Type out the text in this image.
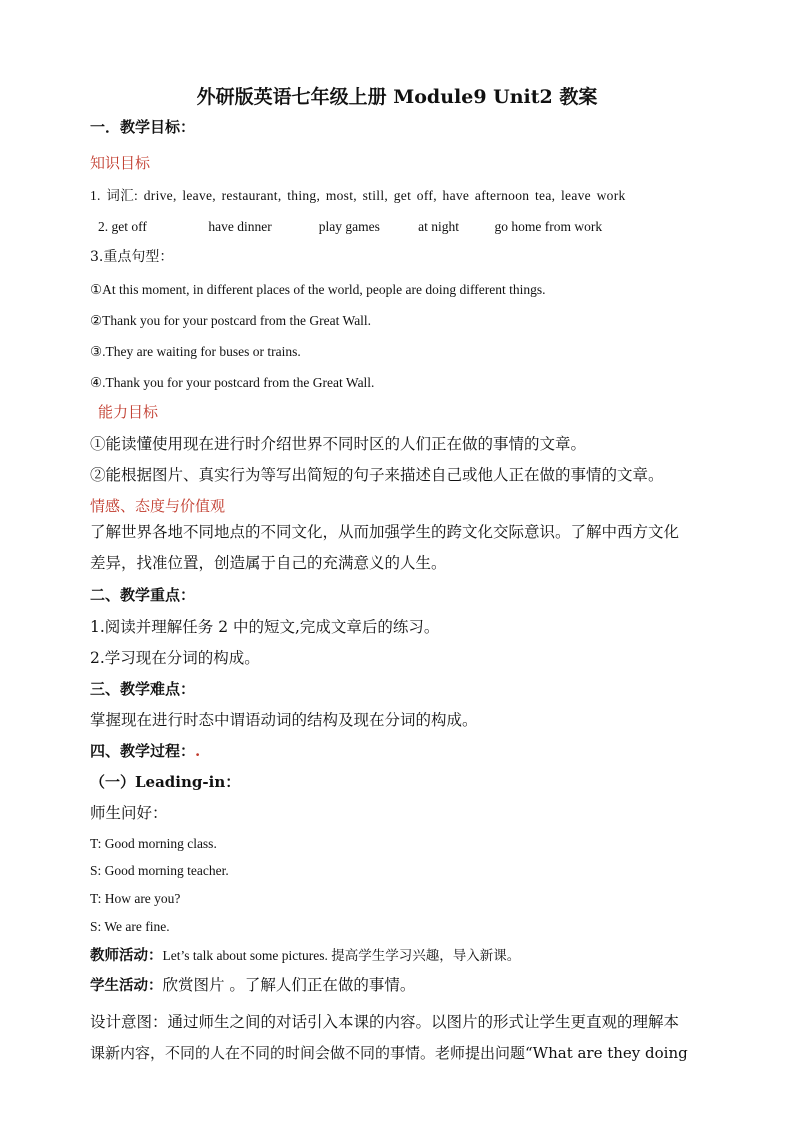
外研版英语七年级上册 Module9 Unit2 教案
一．教学目标：
知识目标
1. 词汇: drive, leave, restaurant, thing, most, still, get off, have afternoon tea, leave work
2. get off	have dinner	play games	at night	go home from work
3.重点句型：
①At this moment, in different places of the world, people are doing different things.
②Thank you for your postcard from the Great Wall.
③.They are waiting for buses or trains.
④.Thank you for your postcard from the Great Wall.
能力目标
①能读懂使用现在进行时介绍世界不同时区的人们正在做的事情的文章。
②能根据图片、真实行为等写出简短的句子来描述自己或他人正在做的事情的文章。
情感、态度与价值观
了解世界各地不同地点的不同文化，从而加强学生的跨文化交际意识。了解中西方文化
差异，找准位置，创造属于自己的充满意义的人生。
二、教学重点：
1.阅读并理解任务 2 中的短文,完成文章后的练习。
2.学习现在分词的构成。
三、教学难点：
掌握现在进行时态中谓语动词的结构及现在分词的构成。
四、教学过程：.
（一）Leading-in：
师生问好：
T: Good morning class.
S: Good morning teacher.
T: How are you?
S: We are fine.
教师活动：Let’s talk about some pictures. 提高学生学习兴趣，导入新课。
学生活动：欣赏图片 。了解人们正在做的事情。
设计意图：通过师生之间的对话引入本课的内容。以图片的形式让学生更直观的理解本
课新内容，不同的人在不同的时间会做不同的事情。老师提出问题“What are they doing
